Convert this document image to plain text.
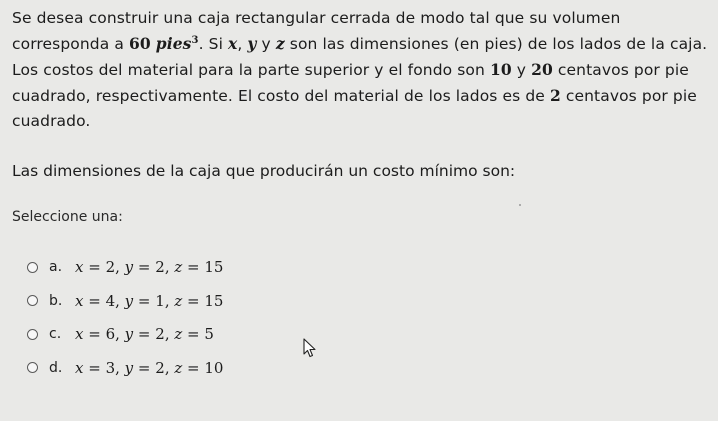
Se desea construir una caja rectangular cerrada de modo tal que su volumen corresponda a 60 pies$^3$. Si x, y y z son las dimensiones (en pies) de los lados de la caja. Los costos del material para la parte superior y el fondo son 10 y 20 centavos por pie cuadrado, respectivamente. El costo del material de los lados es de 2 centavos por pie cuadrado.
Las dimensiones de la caja que producirán un costo mínimo son:
Seleccione una:
a. x = 2, y = 2, z = 15
b. x = 4, y = 1, z = 15
c. x = 6, y = 2, z = 5
d. x = 3, y = 2, z = 10
